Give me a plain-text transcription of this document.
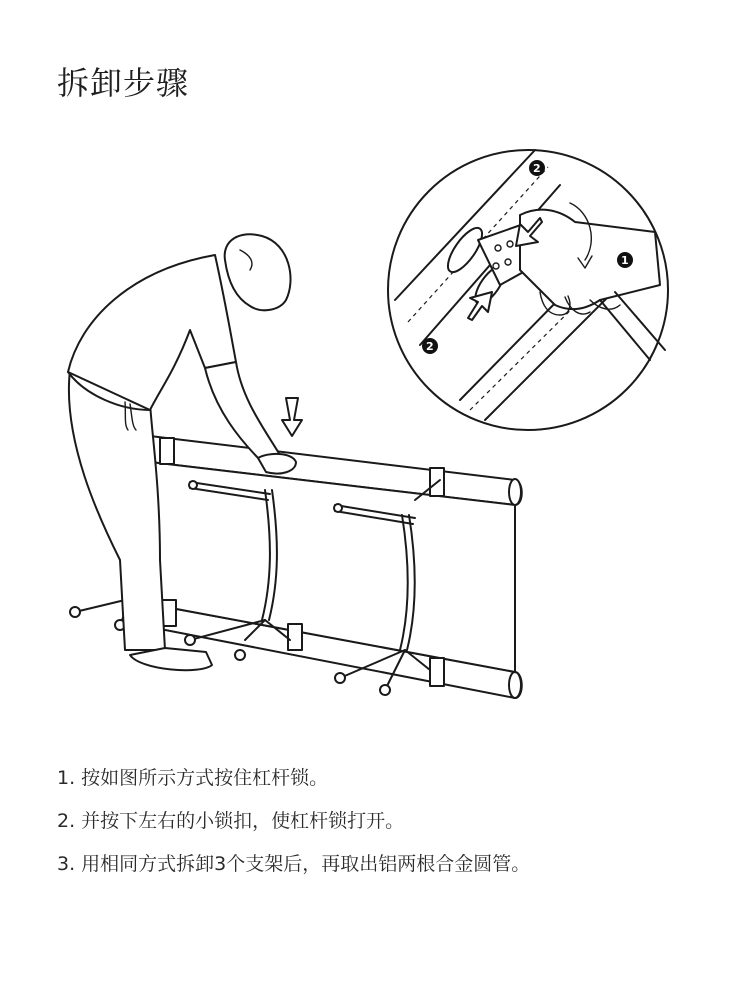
拆卸步骤
2
1
2
1. 按如图所示方式按住杠杆锁。
2. 并按下左右的小锁扣，使杠杆锁打开。
3. 用相同方式拆卸3个支架后，再取出铝两根合金圆管。
